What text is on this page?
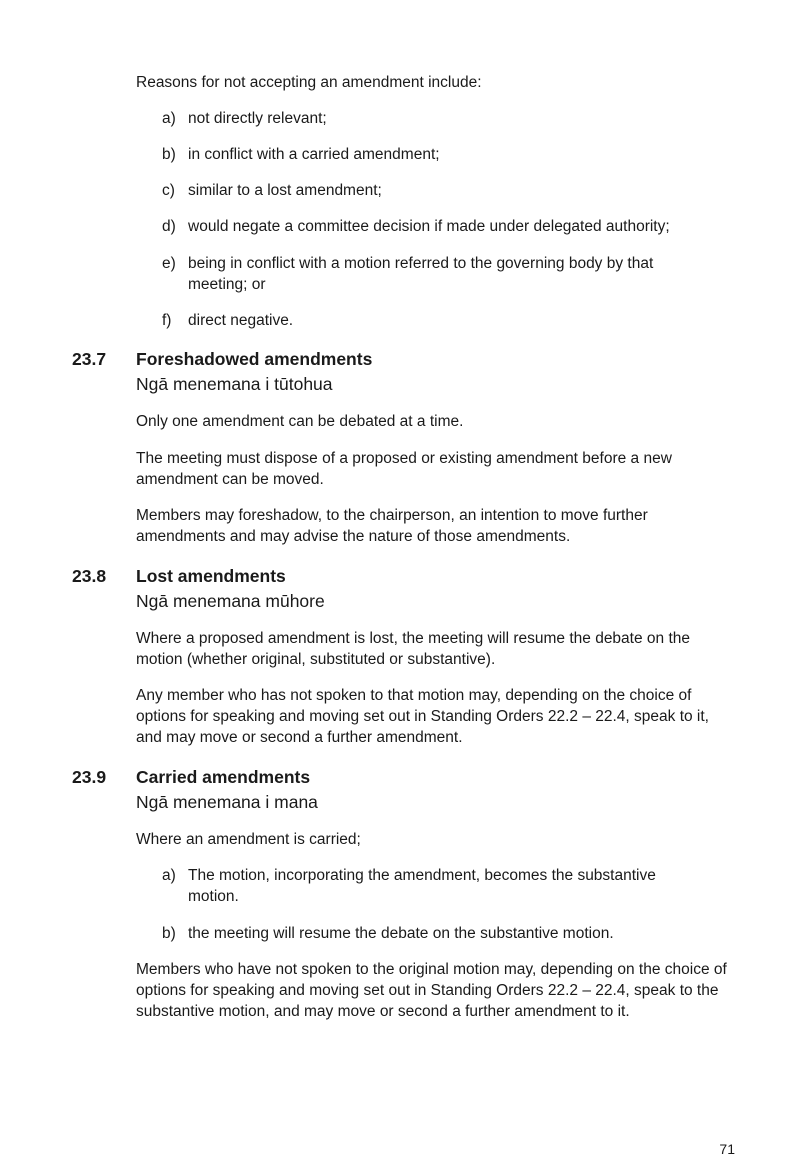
Reasons for not accepting an amendment include:
a) not directly relevant;
b) in conflict with a carried amendment;
c) similar to a lost amendment;
d) would negate a committee decision if made under delegated authority;
e) being in conflict with a motion referred to the governing body by that meeting; or
f)	direct negative.
23.7 Foreshadowed amendments
Ngā menemana i tūtohua
Only one amendment can be debated at a time.
The meeting must dispose of a proposed or existing amendment before a new amendment can be moved.
Members may foreshadow, to the chairperson, an intention to move further amendments and may advise the nature of those amendments.
23.8 Lost amendments
Ngā menemana mūhore
Where a proposed amendment is lost, the meeting will resume the debate on the motion (whether original, substituted or substantive).
Any member who has not spoken to that motion may, depending on the choice of options for speaking and moving set out in Standing Orders 22.2 – 22.4, speak to it, and may move or second a further amendment.
23.9 Carried amendments
Ngā menemana i mana
Where an amendment is carried;
a) The motion, incorporating the amendment, becomes the substantive motion.
b) the meeting will resume the debate on the substantive motion.
Members who have not spoken to the original motion may, depending on the choice of options for speaking and moving set out in Standing Orders 22.2 – 22.4, speak to the substantive motion, and may move or second a further amendment to it.
71
